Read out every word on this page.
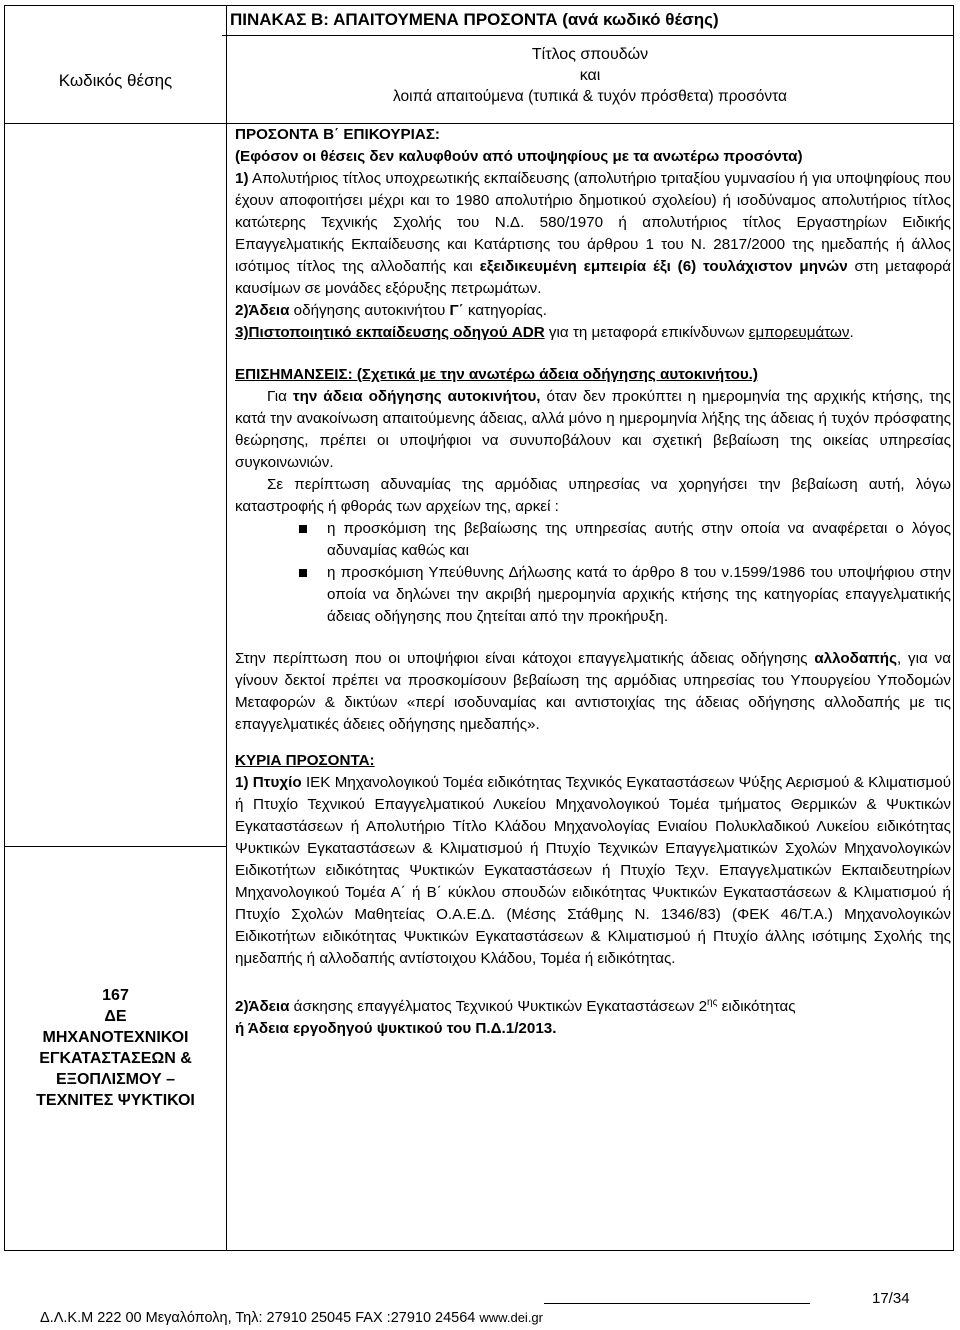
ΠΙΝΑΚΑΣ Β: ΑΠΑΙΤΟΥΜΕΝΑ ΠΡΟΣΟΝΤΑ (ανά κωδικό θέσης)
Κωδικός θέσης
Τίτλος σπουδών
και
λοιπά απαιτούμενα (τυπικά & τυχόν πρόσθετα) προσόντα
167
ΔΕ
ΜΗΧΑΝΟΤΕΧΝΙΚΟΙ
ΕΓΚΑΤΑΣΤΑΣΕΩΝ &
ΕΞΟΠΛΙΣΜΟΥ –
ΤΕΧΝΙΤΕΣ ΨΥΚΤΙΚΟΙ

ΠΡΟΣΟΝΤΑ Β΄ ΕΠΙΚΟΥΡΙΑΣ:

(Εφόσον οι θέσεις δεν καλυφθούν από υποψηφίους με τα ανωτέρω προσόντα)

1) Απολυτήριος τίτλος υποχρεωτικής εκπαίδευσης (απολυτήριο τριταξίου γυμνασίου ή για υποψηφίους που έχουν αποφοιτήσει μέχρι και το 1980 απολυτήριο δημοτικού σχολείου) ή ισοδύναμος απολυτήριος τίτλος κατώτερης Τεχνικής Σχολής του Ν.Δ. 580/1970 ή απολυτήριος τίτλος Εργαστηρίων Ειδικής Επαγγελματικής Εκπαίδευσης και Κατάρτισης του άρθρου 1 του Ν. 2817/2000 της ημεδαπής ή άλλος ισότιμος τίτλος της αλλοδαπής και εξειδικευμένη εμπειρία έξι (6) τουλάχιστον μηνών στη μεταφορά καυσίμων σε μονάδες εξόρυξης πετρωμάτων.

2)Άδεια οδήγησης αυτοκινήτου Γ΄ κατηγορίας.

3)Πιστοποιητικό εκπαίδευσης οδηγού ADR για τη μεταφορά επικίνδυνων εμπορευμάτων.

ΕΠΙΣΗΜΑΝΣΕΙΣ: (Σχετικά με την ανωτέρω άδεια οδήγησης αυτοκινήτου.)

Για την άδεια οδήγησης αυτοκινήτου, όταν δεν προκύπτει η ημερομηνία της αρχικής κτήσης, της κατά την ανακοίνωση απαιτούμενης άδειας, αλλά μόνο η ημερομηνία λήξης της άδειας ή τυχόν πρόσφατης θεώρησης, πρέπει οι υποψήφιοι να συνυποβάλουν και σχετική βεβαίωση της οικείας υπηρεσίας συγκοινωνιών.

Σε περίπτωση αδυναμίας της αρμόδιας υπηρεσίας να χορηγήσει την βεβαίωση αυτή, λόγω καταστροφής ή φθοράς των αρχείων της, αρκεί :

η προσκόμιση της βεβαίωσης της υπηρεσίας αυτής στην οποία να αναφέρεται ο λόγος αδυναμίας καθώς και
η προσκόμιση Υπεύθυνης Δήλωσης κατά το άρθρο 8 του ν.1599/1986 του υποψήφιου στην οποία να δηλώνει την ακριβή ημερομηνία αρχικής κτήσης της κατηγορίας επαγγελματικής άδειας οδήγησης που ζητείται από την προκήρυξη.

Στην περίπτωση που οι υποψήφιοι είναι κάτοχοι επαγγελματικής άδειας οδήγησης αλλοδαπής, για να γίνουν δεκτοί πρέπει να προσκομίσουν βεβαίωση της αρμόδιας υπηρεσίας του Υπουργείου Υποδομών Μεταφορών & δικτύων «περί ισοδυναμίας και αντιστοιχίας της άδειας οδήγησης αλλοδαπής με τις επαγγελματικές άδειες οδήγησης ημεδαπής».

ΚΥΡΙΑ ΠΡΟΣΟΝΤΑ:

1) Πτυχίο ΙΕΚ Μηχανολογικού Τομέα ειδικότητας Τεχνικός Εγκαταστάσεων Ψύξης Αερισμού & Κλιματισμού ή Πτυχίο Τεχνικού Επαγγελματικού Λυκείου Μηχανολογικού Τομέα τμήματος Θερμικών & Ψυκτικών Εγκαταστάσεων ή Απολυτήριο Τίτλο Κλάδου Μηχανολογίας Ενιαίου Πολυκλαδικού Λυκείου ειδικότητας Ψυκτικών Εγκαταστάσεων & Κλιματισμού ή Πτυχίο Τεχνικών Επαγγελματικών Σχολών Μηχανολογικών Ειδικοτήτων ειδικότητας Ψυκτικών Εγκαταστάσεων ή Πτυχίο Τεχν. Επαγγελματικών Εκπαιδευτηρίων Μηχανολογικού Τομέα Α΄ ή Β΄ κύκλου σπουδών ειδικότητας Ψυκτικών Εγκαταστάσεων & Κλιματισμού ή Πτυχίο Σχολών Μαθητείας Ο.Α.Ε.Δ. (Μέσης Στάθμης Ν. 1346/83) (ΦΕΚ 46/Τ.Α.) Μηχανολογικών Ειδικοτήτων ειδικότητας Ψυκτικών Εγκαταστάσεων & Κλιματισμού ή Πτυχίο άλλης ισότιμης Σχολής της ημεδαπής ή αλλοδαπής αντίστοιχου Κλάδου, Τομέα ή ειδικότητας.

2)Άδεια άσκησης επαγγέλματος Τεχνικού Ψυκτικών Εγκαταστάσεων $2^{\eta\varsigma}$ ειδικότητας

ή Άδεια εργοδηγού ψυκτικού του Π.Δ.1/2013.

17/34
Δ.Λ.Κ.Μ 222 00 Μεγαλόπολη, Τηλ: 27910 25045 FAX :27910 24564 www.dei.gr
